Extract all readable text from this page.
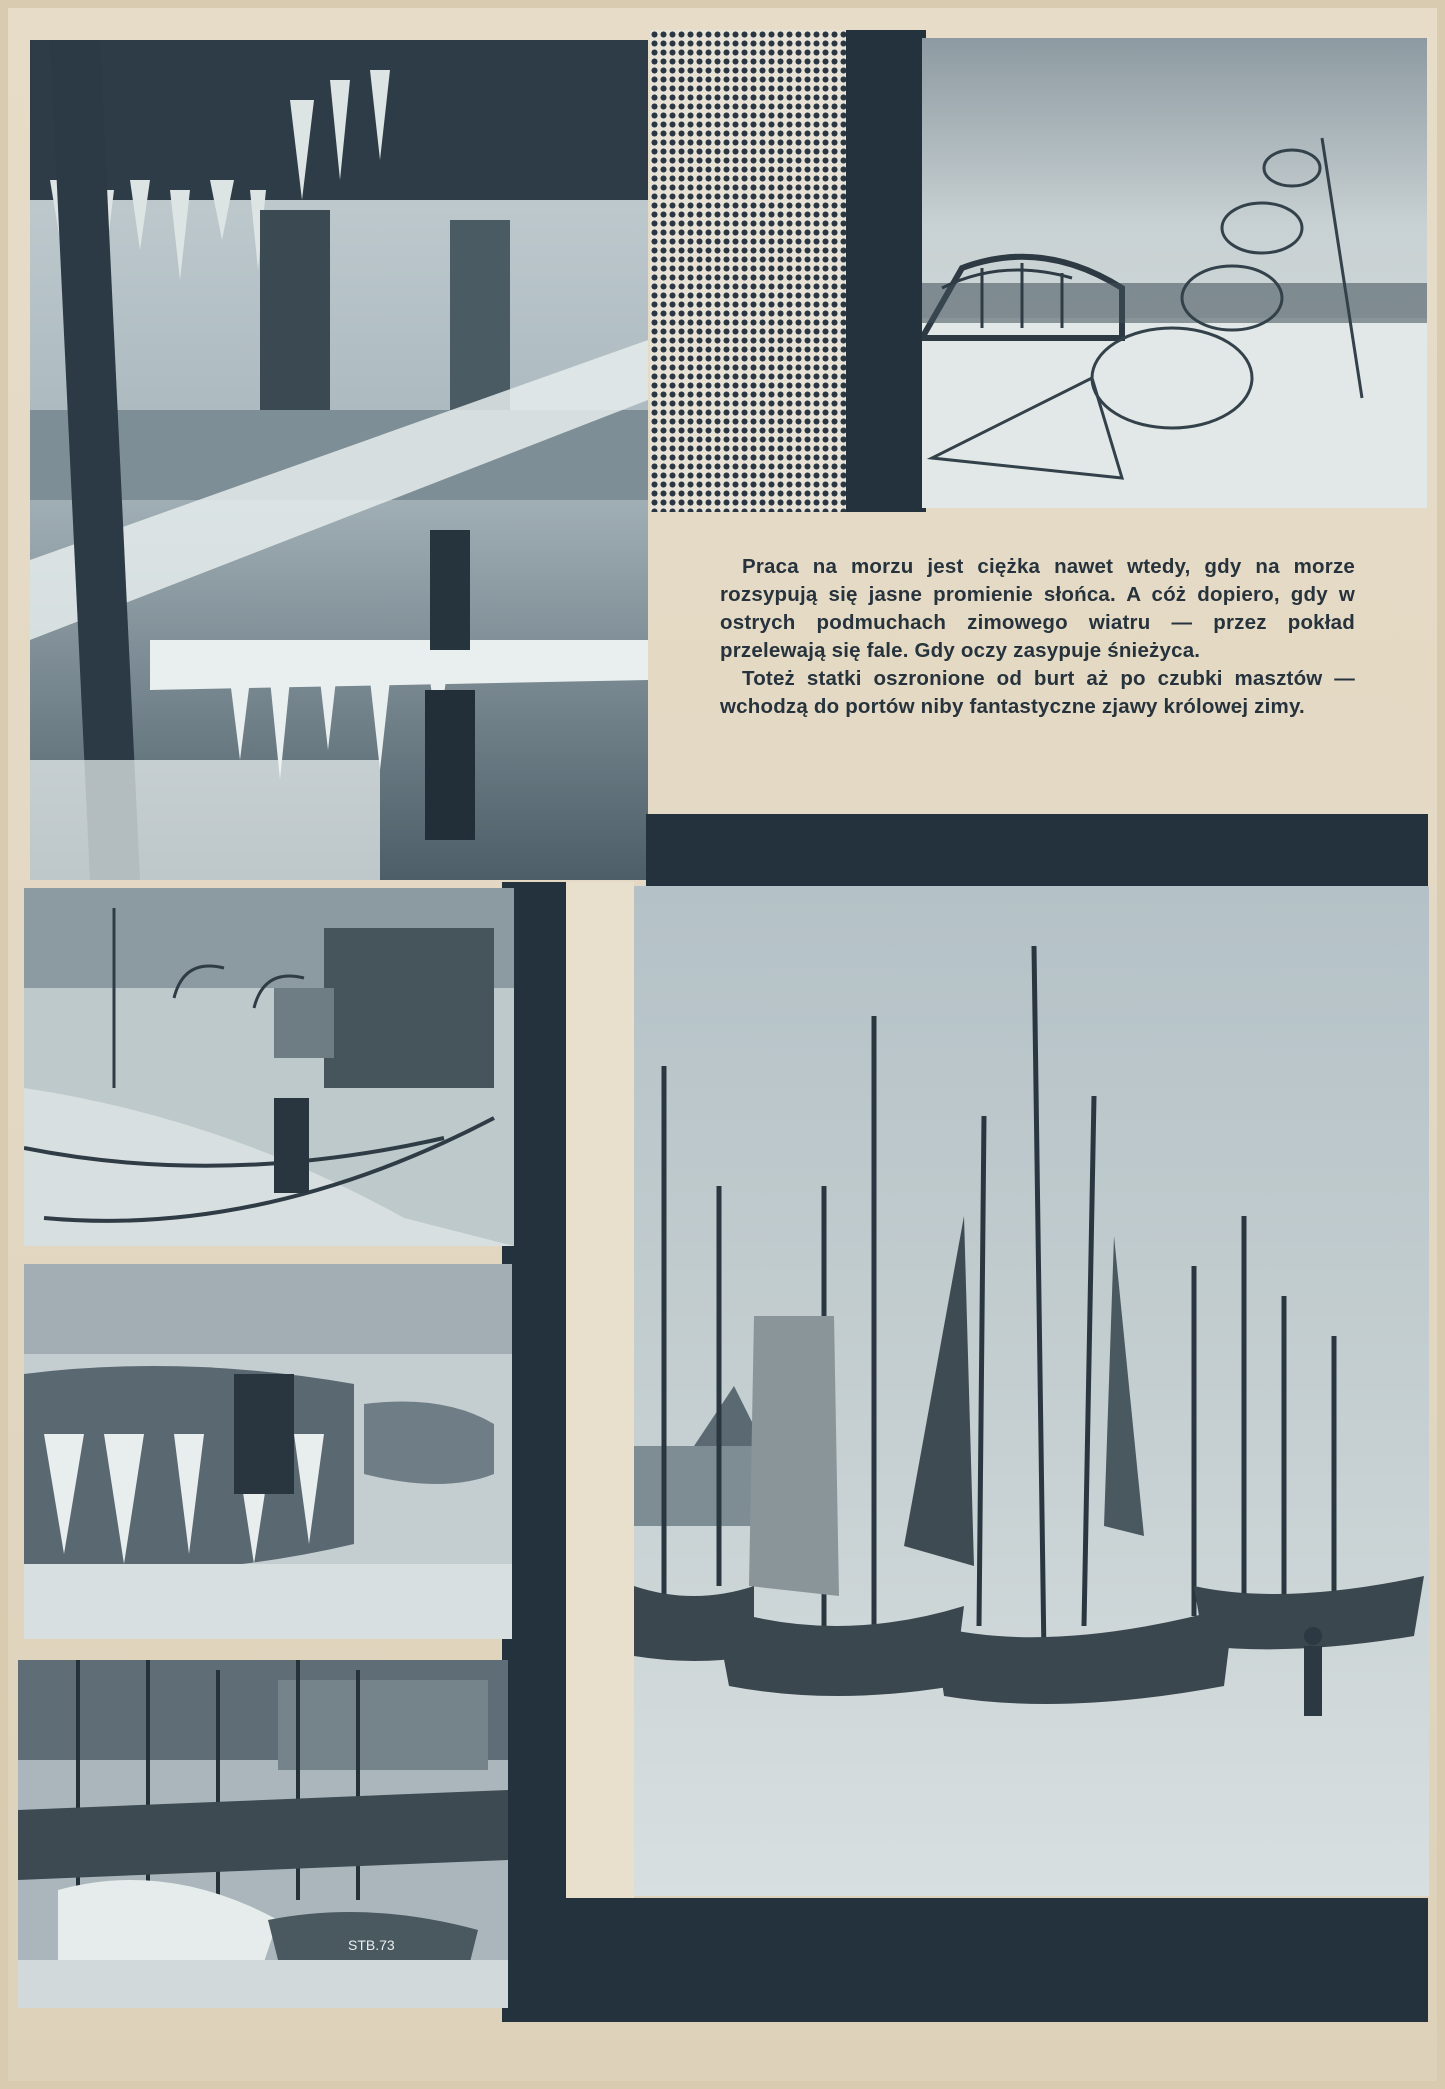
Praca na morzu jest ciężka nawet wtedy, gdy na morze rozsypują się jasne promienie słońca. A cóż dopiero, gdy w ostrych podmuchach zimowego wiatru — przez pokład przelewają się fale. Gdy oczy zasypuje śnieżyca.

Toteż statki oszronione od burt aż po czubki masztów — wchodzą do portów niby fantastyczne zjawy królowej zimy.

STB.73
